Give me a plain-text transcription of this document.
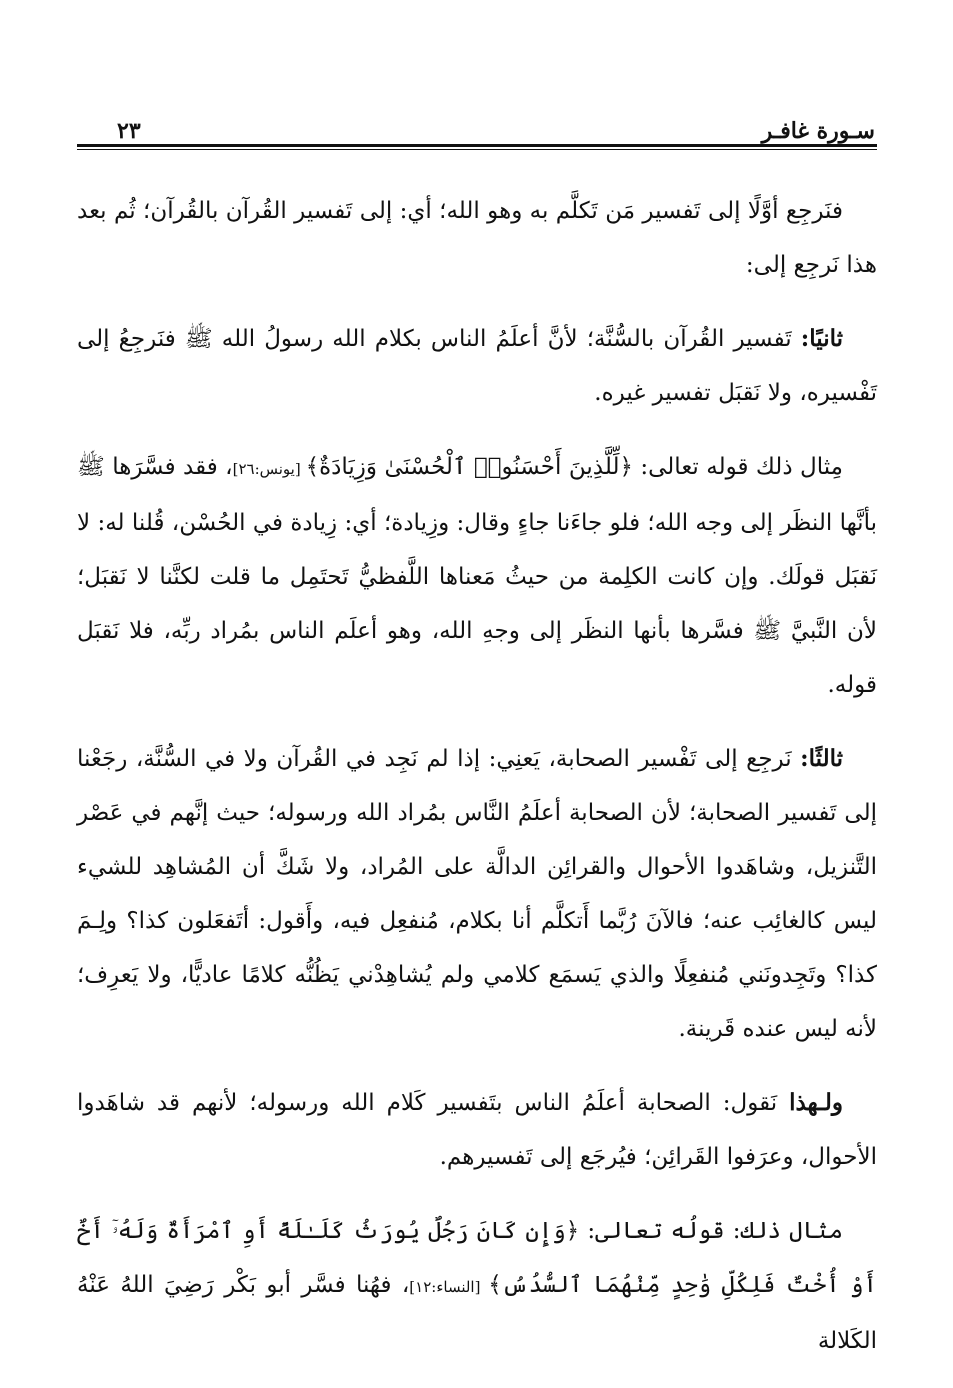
سـورة غافـر
٢٣

فنَرجِع أوَّلًا إلى تَفسير مَن تَكلَّم به وهو الله؛ أي: إلى تَفسير القُرآن بالقُرآن؛ ثُم بعد هذا نَرجِع إلى:

ثانيًا: تَفسير القُرآن بالسُّنَّة؛ لأنَّ أعلَمُ الناس بكلام الله رسولُ الله ﷺ فنَرجِعُ إلى تَفْسيره، ولا نَقبَل تفسير غيره.

مِثال ذلك قوله تعالى: ﴿لِّلَّذِينَ أَحْسَنُوا۟ ٱلْحُسْنَىٰ وَزِيَادَةٌ﴾ [يونس:٢٦]، فقد فسَّرَها ﷺ بأنَّها النظَر إلى وجه الله؛ فلو جاءَنا جاءٍ وقال: وزِيادة؛ أي: زِيادة في الحُسْن، قُلنا له: لا نَقبَل قولَك. وإن كانت الكلِمة من حيثُ مَعناها اللَّفظيُّ تَحتَمِل ما قلت لكنَّنا لا نَقبَل؛ لأن النَّبيَّ ﷺ فسَّرها بأنها النظَر إلى وجهِ الله، وهو أعلَم الناس بمُراد ربِّه، فلا نَقبَل قوله.

ثالثًا: نَرجِع إلى تَفْسير الصحابة، يَعنِي: إذا لم نَجِد في القُرآن ولا في السُّنَّة، رجَعْنا إلى تَفسير الصحابة؛ لأن الصحابة أعلَمُ النَّاس بمُراد الله ورسوله؛ حيث إنَّهم في عَصْر التَّنزيل، وشاهَدوا الأحوال والقرائِن الدالَّة على المُراد، ولا شَكَّ أن المُشاهِد للشيء ليس كالغائِب عنه؛ فالآنَ رُبَّما أَتكلَّم أنا بكلام، مُنفعِل فيه، وأَقول: أتَفعَلون كذا؟ ولِـمَ كذا؟ وتَجِدونَني مُنفعِلًا والذي يَسمَع كلامي ولم يُشاهِدْني يَظُنُّه كلامًا عاديًّا، ولا يَعرِف؛ لأنه ليس عنده قَرينة.

ولـهذا نَقول: الصحابة أعلَمُ الناس بتَفسير كَلام الله ورسوله؛ لأنهم قد شاهَدوا الأحوال، وعرَفوا القَرائِن؛ فيُرجَع إلى تَفسيرهم.

مثال ذلك: قولُه تعالى: ﴿وَإِن كَانَ رَجُلٌ يُورَثُ كَلَـٰلَةً أَوِ ٱمْرَأَةٌ وَلَهُۥٓ أَخٌ أَوْ أُخْتٌ فَلِكُلِّ وَٰحِدٍ مِّنْهُمَا ٱلسُّدُسُ﴾ [النساء:١٢]، فهُنا فسَّر أبو بَكْر رَضِيَ اللهُ عَنْهُ الكَلالة
